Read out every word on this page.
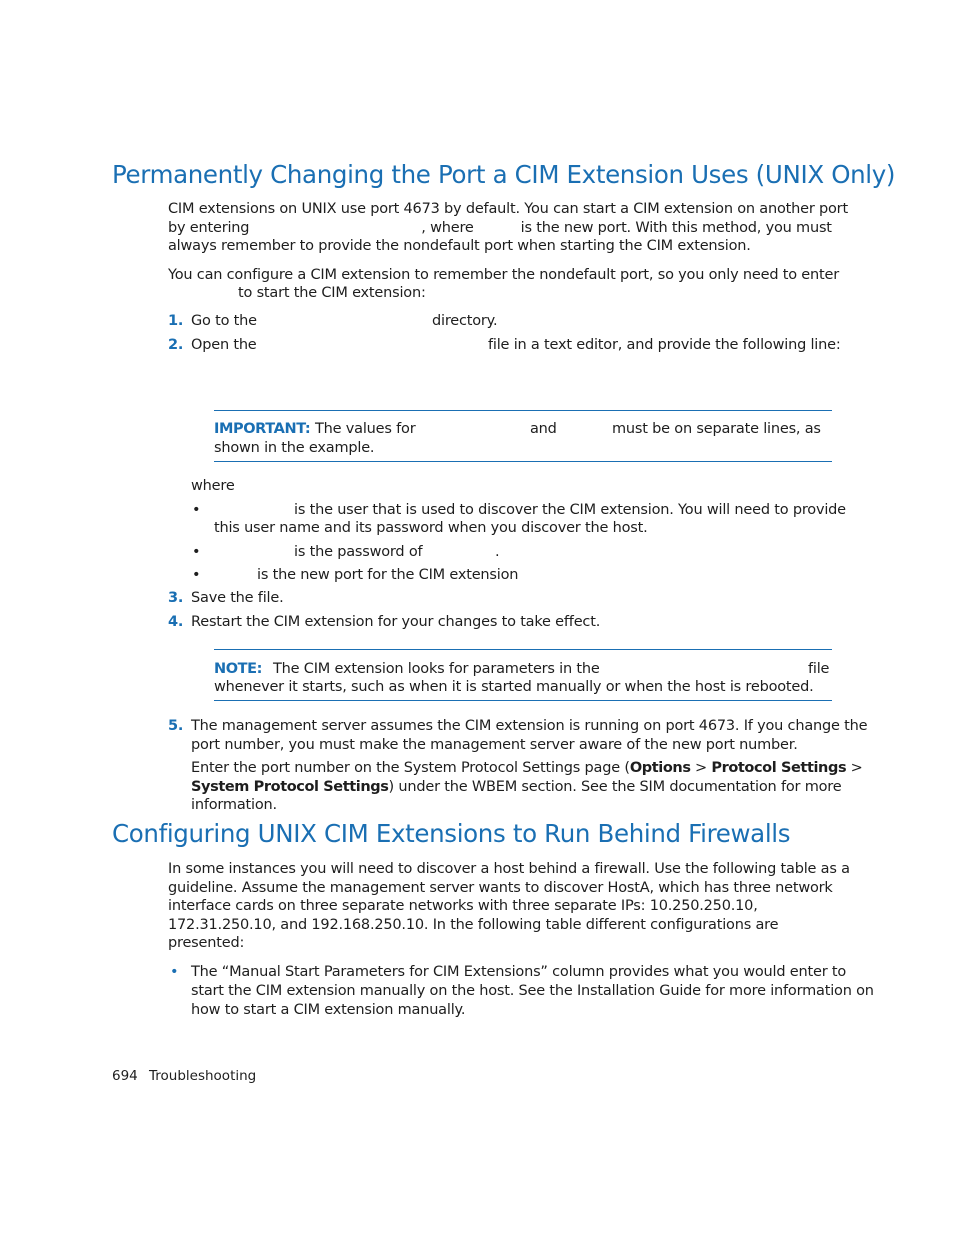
Permanently Changing the Port a CIM Extension Uses (UNIX Only)
CIM extensions on UNIX use port 4673 by default. You can start a CIM extension on another port
by entering	, where	is the new port. With this method, you must
always remember to provide the nondefault port when starting the CIM extension.
You can configure a CIM extension to remember the nondefault port, so you only need to enter
to start the CIM extension:
1. Go to the	directory.
2. Open the	file in a text editor, and provide the following line:
IMPORTANT: The values for	and	must be on separate lines, as
shown in the example.
where
•	is the user that is used to discover the CIM extension. You will need to provide
this user name and its password when you discover the host.
•	is the password of	.
•	is the new port for the CIM extension
3. Save the file.
4. Restart the CIM extension for your changes to take effect.
NOTE: The CIM extension looks for parameters in the	file
whenever it starts, such as when it is started manually or when the host is rebooted.
5. The management server assumes the CIM extension is running on port 4673. If you change the
port number, you must make the management server aware of the new port number.
Enter the port number on the System Protocol Settings page (Options > Protocol Settings >
System Protocol Settings) under the WBEM section. See the SIM documentation for more
information.
Configuring UNIX CIM Extensions to Run Behind Firewalls
In some instances you will need to discover a host behind a firewall. Use the following table as a
guideline. Assume the management server wants to discover HostA, which has three network
interface cards on three separate networks with three separate IPs: 10.250.250.10,
172.31.250.10, and 192.168.250.10. In the following table different configurations are
presented:
• The “Manual Start Parameters for CIM Extensions” column provides what you would enter to
start the CIM extension manually on the host. See the Installation Guide for more information on
how to start a CIM extension manually.
694 Troubleshooting
